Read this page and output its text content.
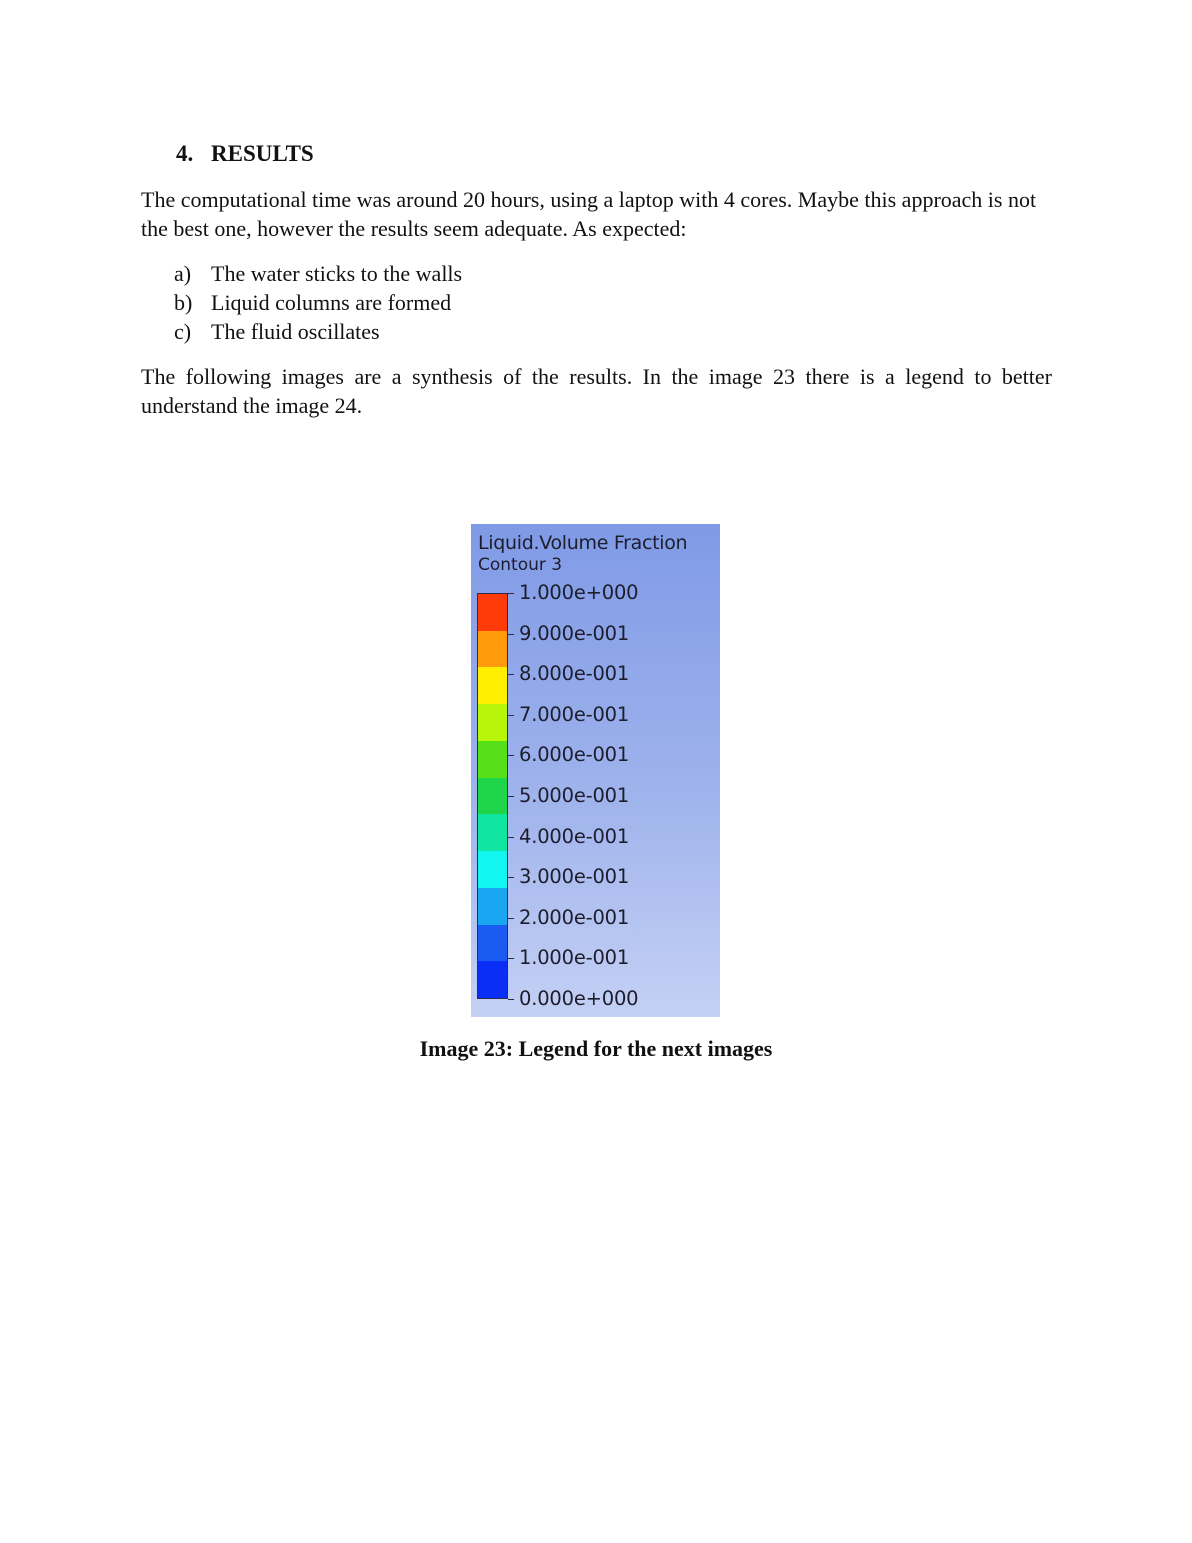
4. RESULTS

The computational time was around 20 hours, using a laptop with 4 cores. Maybe this approach is not the best one, however the results seem adequate. As expected:

a) The water sticks to the walls
b) Liquid columns are formed
c) The fluid oscillates

The following images are a synthesis of the results. In the image 23 there is a legend to better understand the image 24.

Liquid.Volume Fraction
Contour 3
1.000e+000
9.000e-001
8.000e-001
7.000e-001
6.000e-001
5.000e-001
4.000e-001
3.000e-001
2.000e-001
1.000e-001
0.000e+000

Image 23: Legend for the next images
